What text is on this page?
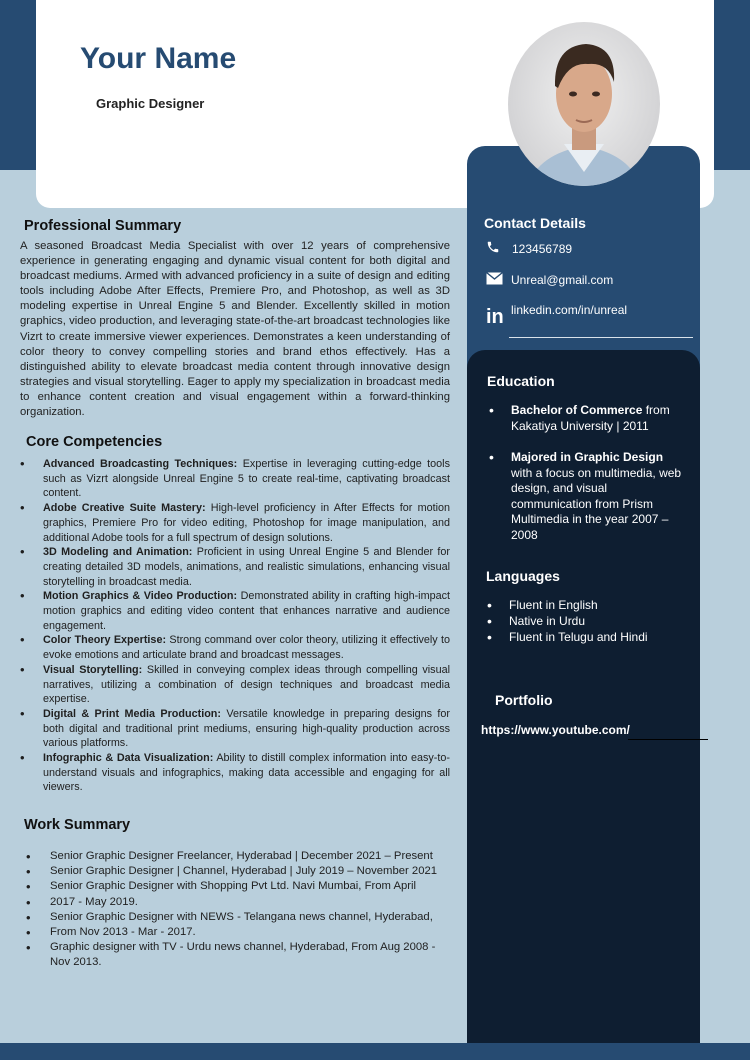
Your Name
Graphic Designer
Contact Details
123456789
Unreal@gmail.com
in linkedin.com/in/unreal
Education
• Bachelor of Commerce from Kakatiya University | 2011
• Majored in Graphic Design with a focus on multimedia, web design, and visual communication from Prism Multimedia in the year 2007 – 2008
Languages
• Fluent in English
• Native in Urdu
• Fluent in Telugu and Hindi
Portfolio
https://www.youtube.com/
Professional Summary

A seasoned Broadcast Media Specialist with over 12 years of comprehensive experience in generating engaging and dynamic visual content for both digital and broadcast mediums. Armed with advanced proficiency in a suite of design and editing tools including Adobe After Effects, Premiere Pro, and Photoshop, as well as 3D modeling expertise in Unreal Engine 5 and Blender. Excellently skilled in motion graphics, video production, and leveraging state-of-the-art broadcast technologies like Vizrt to create immersive viewer experiences. Demonstrates a keen understanding of color theory to convey compelling stories and brand ethos effectively. Has a distinguished ability to elevate broadcast media content through innovative design strategies and visual storytelling. Eager to apply my specialization in broadcast media to enhance content creation and visual engagement within a forward-thinking organization.

Core Competencies
• Advanced Broadcasting Techniques: Expertise in leveraging cutting-edge tools such as Vizrt alongside Unreal Engine 5 to create real-time, captivating broadcast content.
• Adobe Creative Suite Mastery: High-level proficiency in After Effects for motion graphics, Premiere Pro for video editing, Photoshop for image manipulation, and additional Adobe tools for a full spectrum of design solutions.
• 3D Modeling and Animation: Proficient in using Unreal Engine 5 and Blender for creating detailed 3D models, animations, and realistic simulations, enhancing visual storytelling in broadcast media.
• Motion Graphics & Video Production: Demonstrated ability in crafting high-impact motion graphics and editing video content that enhances narrative and audience engagement.
• Color Theory Expertise: Strong command over color theory, utilizing it effectively to evoke emotions and articulate brand and broadcast messages.
• Visual Storytelling: Skilled in conveying complex ideas through compelling visual narratives, utilizing a combination of design techniques and broadcast media expertise.
• Digital & Print Media Production: Versatile knowledge in preparing designs for both digital and traditional print mediums, ensuring high-quality production across various platforms.
• Infographic & Data Visualization: Ability to distill complex information into easy-to-understand visuals and infographics, making data accessible and engaging for all viewers.
Work Summary
• Senior Graphic Designer Freelancer, Hyderabad | December 2021 – Present
• Senior Graphic Designer | Channel, Hyderabad | July 2019 – November 2021
• Senior Graphic Designer with Shopping Pvt Ltd. Navi Mumbai, From April
• 2017 - May 2019.
• Senior Graphic Designer with NEWS - Telangana news channel, Hyderabad,
• From Nov 2013 - Mar - 2017.
• Graphic designer with TV - Urdu news channel, Hyderabad, From Aug 2008 - Nov 2013.
